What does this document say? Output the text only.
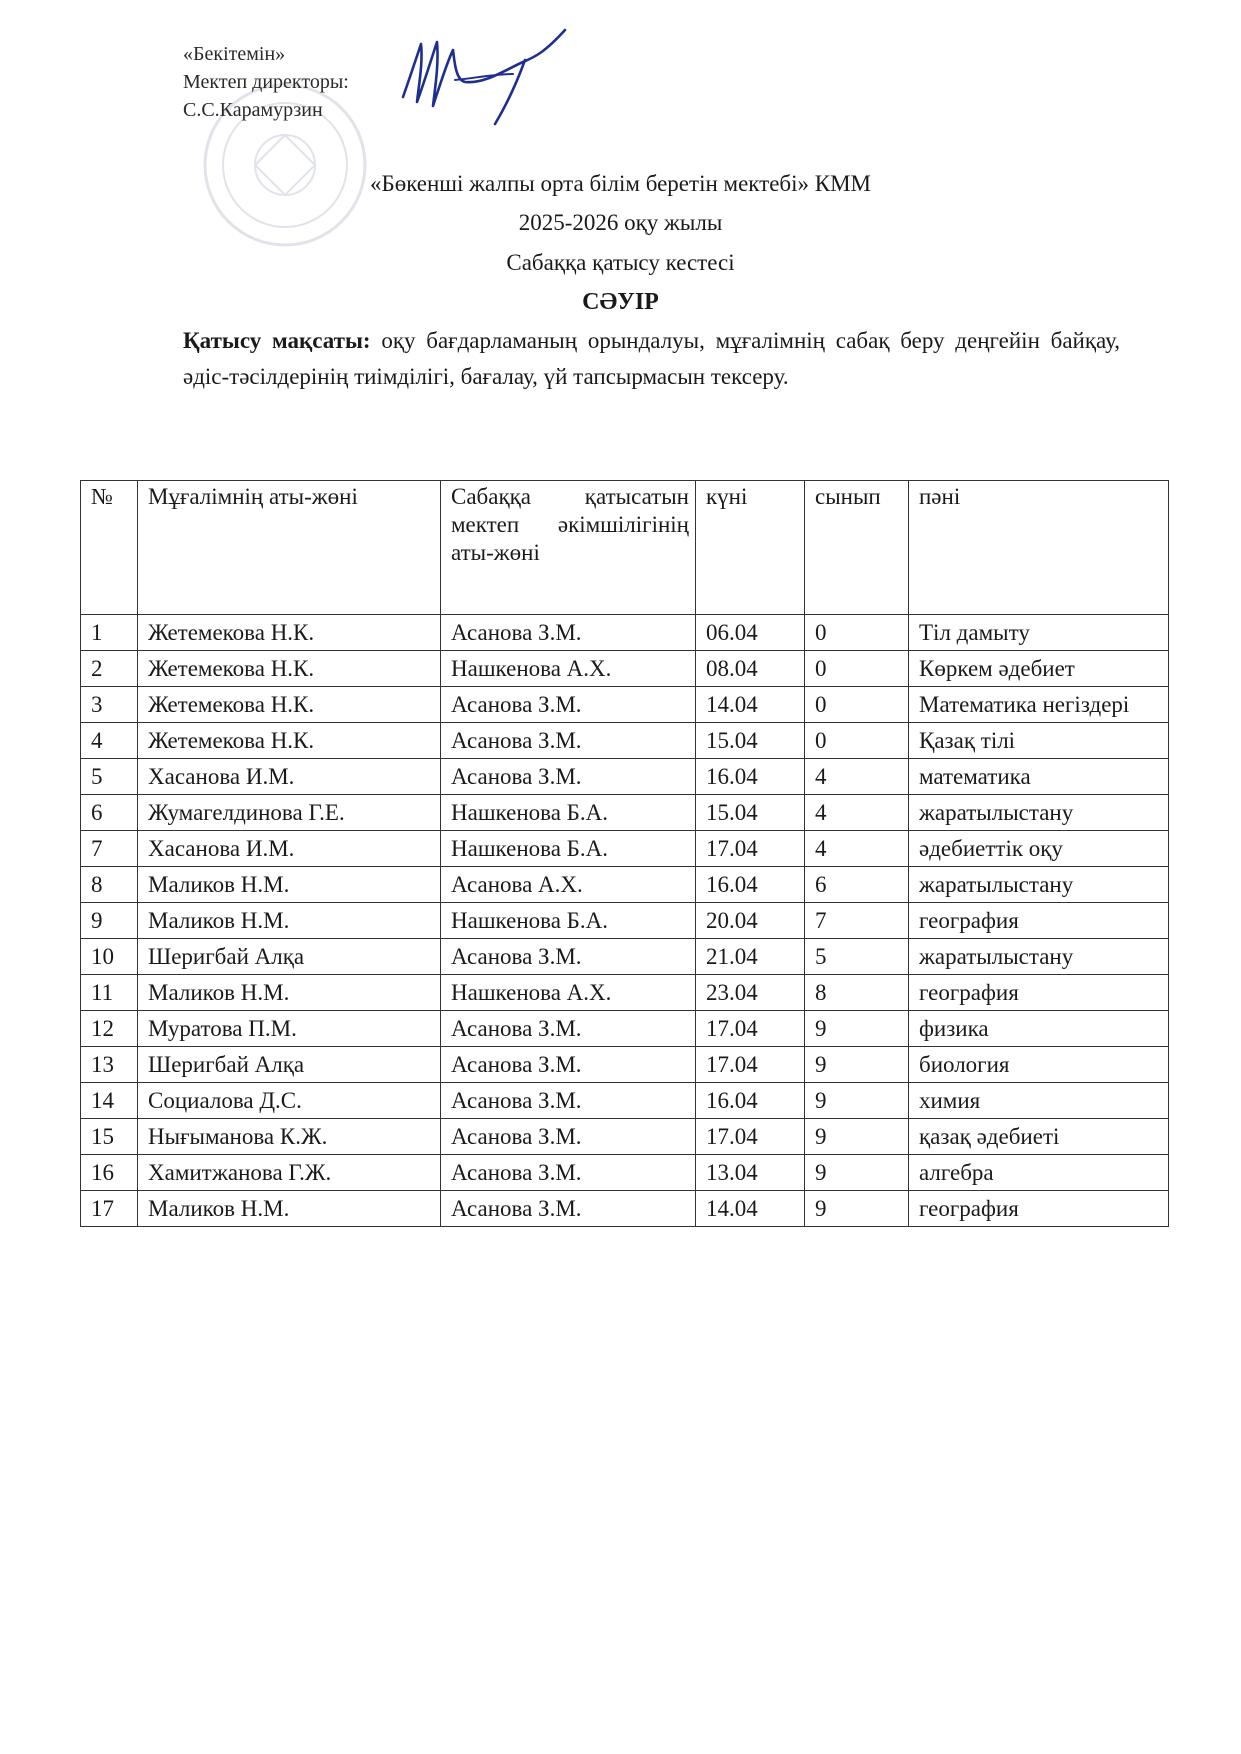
«Бекітемін»
Мектеп директоры:
С.С.Карамурзин
«Бөкенші жалпы орта білім беретін мектебі» КММ
2025-2026 оқу жылы
Сабаққа қатысу кестесі
СӘУІР
Қатысу мақсаты: оқу бағдарламаның орындалуы, мұғалімнің сабақ беру деңгейін байқау, әдіс-тәсілдерінің тиімділігі, бағалау, үй тапсырмасын тексеру.
№	Мұғалімнің аты-жөні	Сабаққа қатысатын мектеп әкімшілігінің аты-жөні	күні	сынып	пәні
1	Жетемекова Н.К.	Асанова З.М.	06.04	0	Тіл дамыту
2	Жетемекова Н.К.	Нашкенова А.Х.	08.04	0	Көркем әдебиет
3	Жетемекова Н.К.	Асанова З.М.	14.04	0	Математика негіздері
4	Жетемекова Н.К.	Асанова З.М.	15.04	0	Қазақ тілі
5	Хасанова И.М.	Асанова З.М.	16.04	4	математика
6	Жумагелдинова Г.Е.	Нашкенова Б.А.	15.04	4	жаратылыстану
7	Хасанова И.М.	Нашкенова Б.А.	17.04	4	әдебиеттік оқу
8	Маликов Н.М.	Асанова А.Х.	16.04	6	жаратылыстану
9	Маликов Н.М.	Нашкенова Б.А.	20.04	7	география
10	Шеригбай Алқа	Асанова З.М.	21.04	5	жаратылыстану
11	Маликов Н.М.	Нашкенова А.Х.	23.04	8	география
12	Муратова П.М.	Асанова З.М.	17.04	9	физика
13	Шеригбай Алқа	Асанова З.М.	17.04	9	биология
14	Социалова Д.С.	Асанова З.М.	16.04	9	химия
15	Нығыманова К.Ж.	Асанова З.М.	17.04	9	қазақ әдебиеті
16	Хамитжанова Г.Ж.	Асанова З.М.	13.04	9	алгебра
17	Маликов Н.М.	Асанова З.М.	14.04	9	география
